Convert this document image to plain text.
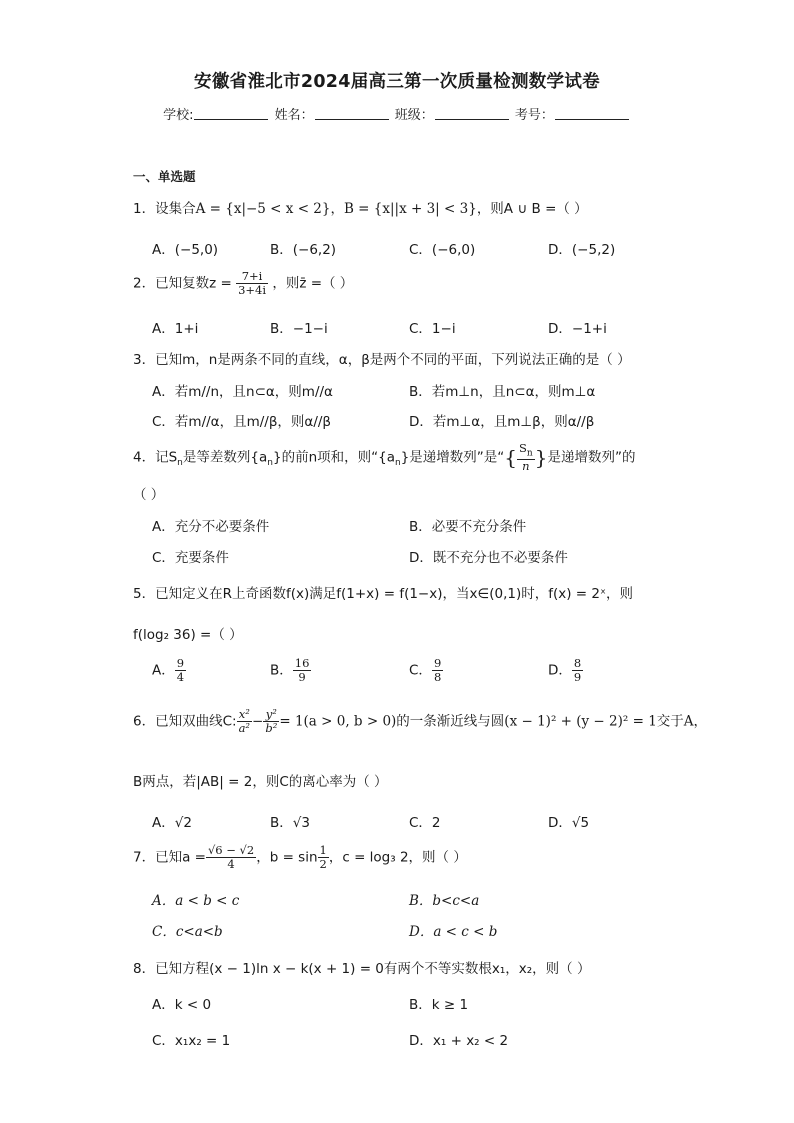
安徽省淮北市2024届高三第一次质量检测数学试卷
学校:	姓名：	班级：	考号：
一、单选题
1．设集合A = {x|−5 < x < 2}，B = {x||x + 3| < 3}，则A ∪ B =（ ）
A．(−5,0)	B．(−6,2)	C．(−6,0)	D．(−5,2)
2．已知复数$z = \frac{7+i}{3+4i}$ ，则z̄ =（ ）
A．1+i	B．−1−i	C．1−i	D．−1+i
3．已知m，n是两条不同的直线，α，β是两个不同的平面，下列说法正确的是（ ）
A．若m//n，且n⊂α，则m//α	B．若m⊥n，且n⊂α，则m⊥α
C．若m//α，且m//β，则α//β	D．若m⊥α，且m⊥β，则α//β
4．记$S_n$是等差数列$\{a_n\}$的前n项和，则“$\{a_n\}$是递增数列”是“{ $\frac{S_n}{n}$ }是递增数列”的
（ ）
A．充分不必要条件	B．必要不充分条件
C．充要条件	D．既不充分也不必要条件
5．已知定义在R上奇函数f(x)满足f(1+x) = f(1−x)，当x∈(0,1)时，f(x) = 2ˣ，则
f(log₂ 36) =（ ）
A． $\frac{9}{4}$	B． $\frac{16}{9}$	C． $\frac{9}{8}$	D． $\frac{8}{9}$
6．已知双曲线C: $\frac{\text{x²}}{\text{a²}} - \frac{\text{y²}}{\text{b²}} = 1(a > 0$, b > 0)的一条渐近线与圆(x − 1)² + (y − 2)² = 1交于A，
B两点，若|AB| = 2，则C的离心率为（ ）
A．√2	B．√3	C．2	D．√5
7．已知$a = \frac{√6 - √2}{4}$ ，$b = \sin \frac{1}{2}$ ，c = log₃ 2，则（ ）
A．a < b < c	B．b<c<a
C．c<a<b	D．a < c < b
8．已知方程(x − 1)ln x − k(x + 1) = 0有两个不等实数根x₁，x₂，则（ ）
A．k < 0	B．k ≥ 1
C．x₁x₂ = 1	D．x₁ + x₂ < 2
